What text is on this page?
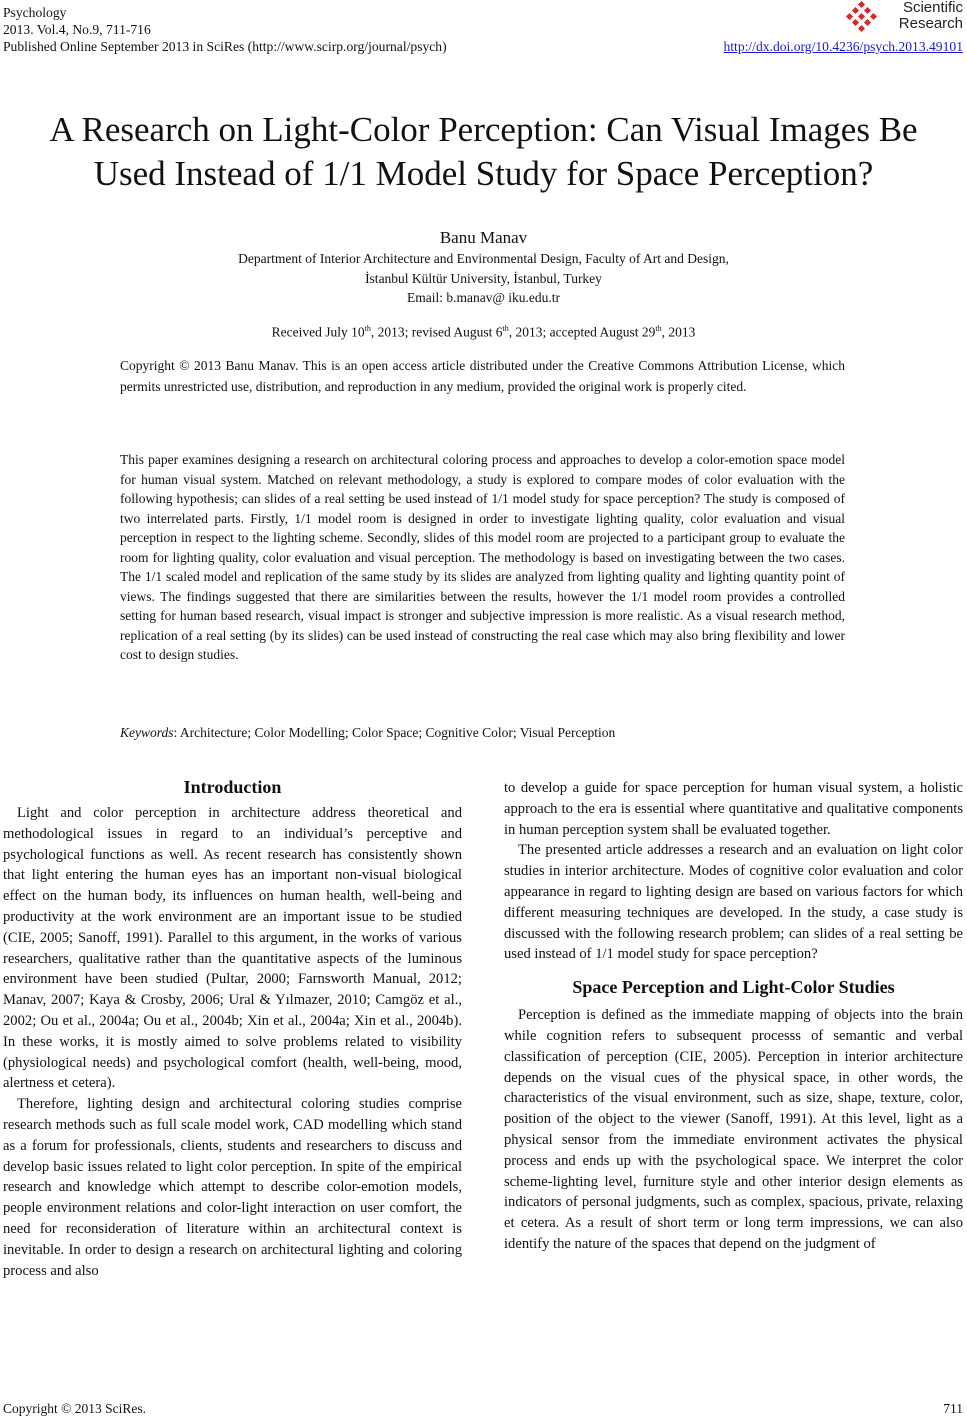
Psychology
2013. Vol.4, No.9, 711-716
Published Online September 2013 in SciRes (http://www.scirp.org/journal/psych)	http://dx.doi.org/10.4236/psych.2013.49101
Scientific
Research
A Research on Light-Color Perception: Can Visual Images Be
Used Instead of 1/1 Model Study for Space Perception?
Banu Manav
Department of Interior Architecture and Environmental Design, Faculty of Art and Design,
İstanbul Kültür University, İstanbul, Turkey
Email: b.manav@ iku.edu.tr
Received July 10th, 2013; revised August 6th, 2013; accepted August 29th, 2013
Copyright © 2013 Banu Manav. This is an open access article distributed under the Creative Commons Attribution License, which permits unrestricted use, distribution, and reproduction in any medium, provided the original work is properly cited.
This paper examines designing a research on architectural coloring process and approaches to develop a color-emotion space model for human visual system. Matched on relevant methodology, a study is explored to compare modes of color evaluation with the following hypothesis; can slides of a real setting be used instead of 1/1 model study for space perception? The study is composed of two interrelated parts. Firstly, 1/1 model room is designed in order to investigate lighting quality, color evaluation and visual perception in respect to the lighting scheme. Secondly, slides of this model room are projected to a participant group to evaluate the room for lighting quality, color evaluation and visual perception. The methodology is based on investigating between the two cases. The 1/1 scaled model and replication of the same study by its slides are analyzed from lighting quality and lighting quantity point of views. The findings suggested that there are similarities between the results, however the 1/1 model room provides a controlled setting for human based research, visual impact is stronger and subjective impression is more realistic. As a visual research method, replication of a real setting (by its slides) can be used instead of constructing the real case which may also bring flexibility and lower cost to design studies.
Keywords: Architecture; Color Modelling; Color Space; Cognitive Color; Visual Perception
Introduction

Light and color perception in architecture address theoretical and methodological issues in regard to an individual’s perceptive and psychological functions as well. As recent research has consistently shown that light entering the human eyes has an important non-visual biological effect on the human body, its influences on human health, well-being and productivity at the work environment are an important issue to be studied (CIE, 2005; Sanoff, 1991). Parallel to this argument, in the works of various researchers, qualitative rather than the quantitative aspects of the luminous environment have been studied (Pultar, 2000; Farnsworth Manual, 2012; Manav, 2007; Kaya & Crosby, 2006; Ural & Yılmazer, 2010; Camgöz et al., 2002; Ou et al., 2004a; Ou et al., 2004b; Xin et al., 2004a; Xin et al., 2004b). In these works, it is mostly aimed to solve problems related to visibility (physiological needs) and psychological comfort (health, well-being, mood, alertness et cetera).

Therefore, lighting design and architectural coloring studies comprise research methods such as full scale model work, CAD modelling which stand as a forum for professionals, clients, students and researchers to discuss and develop basic issues related to light color perception. In spite of the empirical research and knowledge which attempt to describe color-emotion models, people environment relations and color-light interaction on user comfort, the need for reconsideration of literature within an architectural context is inevitable. In order to design a research on architectural lighting and coloring process and also

to develop a guide for space perception for human visual system, a holistic approach to the era is essential where quantitative and qualitative components in human perception system shall be evaluated together.

The presented article addresses a research and an evaluation on light color studies in interior architecture. Modes of cognitive color evaluation and color appearance in regard to lighting design are based on various factors for which different measuring techniques are developed. In the study, a case study is discussed with the following research problem; can slides of a real setting be used instead of 1/1 model study for space perception?

Space Perception and Light-Color Studies

Perception is defined as the immediate mapping of objects into the brain while cognition refers to subsequent processs of semantic and verbal classification of perception (CIE, 2005). Perception in interior architecture depends on the visual cues of the physical space, in other words, the characteristics of the visual environment, such as size, shape, texture, color, position of the object to the viewer (Sanoff, 1991). At this level, light as a physical sensor from the immediate environment activates the physical process and ends up with the psychological space. We interpret the color scheme-lighting level, furniture style and other interior design elements as indicators of personal judgments, such as complex, spacious, private, relaxing et cetera. As a result of short term or long term impressions, we can also identify the nature of the spaces that depend on the judgment of

Copyright © 2013 SciRes.	711
